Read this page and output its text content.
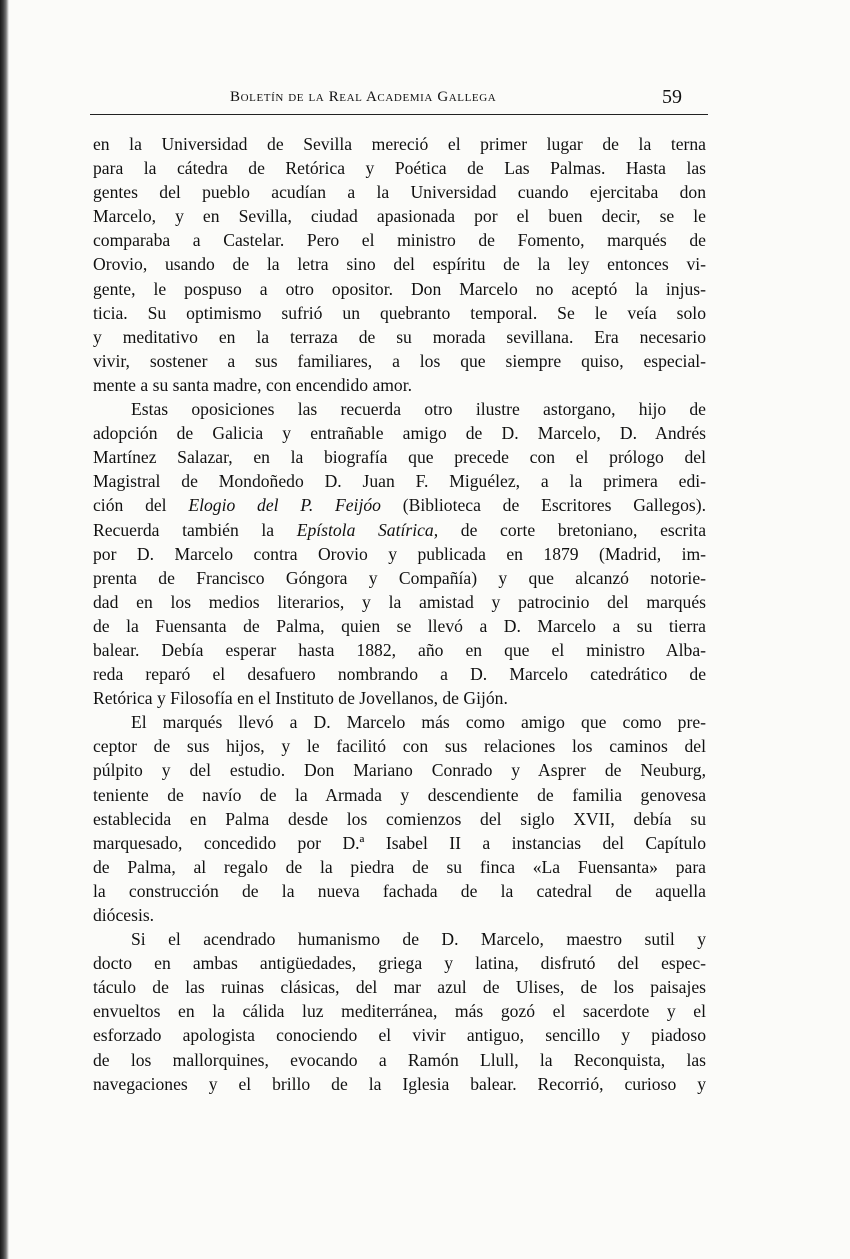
Boletín de la Real Academia Gallega	59
en la Universidad de Sevilla mereció el primer lugar de la terna
para la cátedra de Retórica y Poética de Las Palmas. Hasta las
gentes del pueblo acudían a la Universidad cuando ejercitaba don
Marcelo, y en Sevilla, ciudad apasionada por el buen decir, se le
comparaba a Castelar. Pero el ministro de Fomento, marqués de
Orovio, usando de la letra sino del espíritu de la ley entonces vi-
gente, le pospuso a otro opositor. Don Marcelo no aceptó la injus-
ticia. Su optimismo sufrió un quebranto temporal. Se le veía solo
y meditativo en la terraza de su morada sevillana. Era necesario
vivir, sostener a sus familiares, a los que siempre quiso, especial-
mente a su santa madre, con encendido amor.
Estas oposiciones las recuerda otro ilustre astorgano, hijo de
adopción de Galicia y entrañable amigo de D. Marcelo, D. Andrés
Martínez Salazar, en la biografía que precede con el prólogo del
Magistral de Mondoñedo D. Juan F. Miguélez, a la primera edi-
ción del Elogio del P. Feijóo (Biblioteca de Escritores Gallegos).
Recuerda también la Epístola Satírica, de corte bretoniano, escrita
por D. Marcelo contra Orovio y publicada en 1879 (Madrid, im-
prenta de Francisco Góngora y Compañía) y que alcanzó notorie-
dad en los medios literarios, y la amistad y patrocinio del marqués
de la Fuensanta de Palma, quien se llevó a D. Marcelo a su tierra
balear. Debía esperar hasta 1882, año en que el ministro Alba-
reda reparó el desafuero nombrando a D. Marcelo catedrático de
Retórica y Filosofía en el Instituto de Jovellanos, de Gijón.
El marqués llevó a D. Marcelo más como amigo que como pre-
ceptor de sus hijos, y le facilitó con sus relaciones los caminos del
púlpito y del estudio. Don Mariano Conrado y Asprer de Neuburg,
teniente de navío de la Armada y descendiente de familia genovesa
establecida en Palma desde los comienzos del siglo XVII, debía su
marquesado, concedido por D.ª Isabel II a instancias del Capítulo
de Palma, al regalo de la piedra de su finca «La Fuensanta» para
la construcción de la nueva fachada de la catedral de aquella
diócesis.
Si el acendrado humanismo de D. Marcelo, maestro sutil y
docto en ambas antigüedades, griega y latina, disfrutó del espec-
táculo de las ruinas clásicas, del mar azul de Ulises, de los paisajes
envueltos en la cálida luz mediterránea, más gozó el sacerdote y el
esforzado apologista conociendo el vivir antiguo, sencillo y piadoso
de los mallorquines, evocando a Ramón Llull, la Reconquista, las
navegaciones y el brillo de la Iglesia balear. Recorrió, curioso y
